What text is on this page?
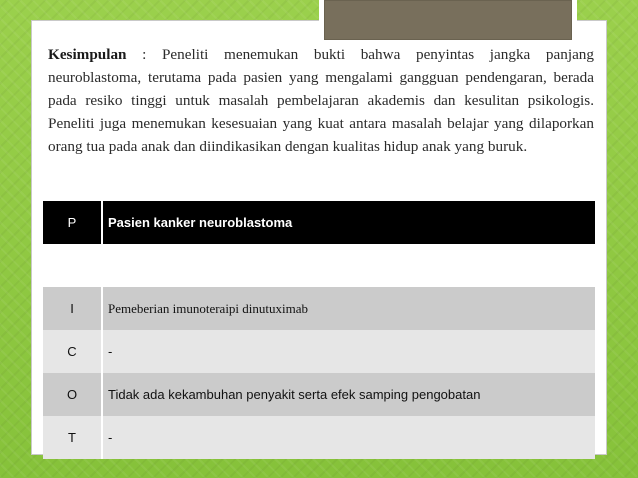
Kesimpulan : Peneliti menemukan bukti bahwa penyintas jangka panjang neuroblastoma, terutama pada pasien yang mengalami gangguan pendengaran, berada pada resiko tinggi untuk masalah pembelajaran akademis dan kesulitan psikologis. Peneliti juga menemukan kesesuaian yang kuat antara masalah belajar yang dilaporkan orang tua pada anak dan diindikasikan dengan kualitas hidup anak yang buruk.
P	Pasien kanker neuroblastoma

I	Pemeberian imunoteraipi dinutuximab
C	-
O	Tidak ada kekambuhan penyakit serta efek samping pengobatan
T	-
